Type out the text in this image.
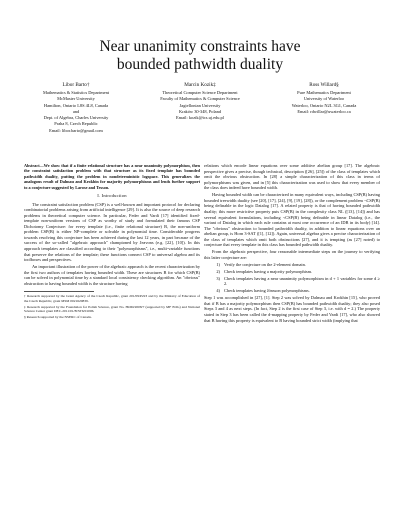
Near unanimity constraints have
bounded pathwidth duality
Libor Barto†
Mathematics & Statistics Department
McMaster University
Hamilton, Ontario L8S 4L8, Canada
and
Dept. of Algebra, Charles University
Praha 8, Czech Republic
Email: libor.barto@gmail.com
Marcin Kozik‡
Theoretical Computer Science Department
Faculty of Mathematics & Computer Science
Jagiellonian University
Kraków 30-348, Poland
Email: kozik@tcs.uj.edu.pl
Ross Willard§
Pure Mathematics Department
University of Waterloo
Waterloo, Ontario N2L 3G1, Canada
Email: rdwillar@uwaterloo.ca
Abstract—We show that if a finite relational structure has a near unanimity polymorphism, then the constraint satisfaction problem with that structure as its fixed template has bounded pathwidth duality, putting the problem in nondeterministic logspace. This generalizes the analogous result of Dalmau and Krokhin for majority polymorphisms and lends further support to a conjecture suggested by Larose and Tesson.
I. Introduction

The constraint satisfaction problem (CSP) is a well-known and important protocol for declaring combinatorial problems arising from artificial intelligence [29]. It is also the source of deep research problems in theoretical computer science. In particular, Feder and Vardi [17] identified fixed-template non-uniform versions of CSP as worthy of study and formulated their famous CSP Dichotomy Conjecture: for every template (i.e., finite relational structure) B, the non-uniform problem CSP(B) is either NP-complete or solvable in polynomial time. Considerable progress towards resolving this conjecture has been achieved during the last 12 years, in part because of the success of the so-called "algebraic approach" championed by Jeavons (e.g. [22], [10]). In this approach templates are classified according to their "polymorphisms", i.e., multi-variable functions that preserve the relations of the template; these functions connect CSP to universal algebra and its toolboxes and perspectives.

An important illustration of the power of the algebraic approach is the recent characterization by the first two authors of templates having bounded width. These are structures B for which CSP(B) can be solved in polynomial time by a standard local consistency checking algorithm. An "obvious" obstruction to having bounded width is the structure having

† Research supported by the Grant Agency of the Czech Republic, grant 201/09/P223 and by the Ministry of Education of the Czech Republic, grant MSM 0021620839.
‡ Research supported by the Foundation for Polish Science, grant No. HOM/2008/7 (supported by MF EOG) and National Science Center grant DEC-2011/01/B/ST6/01006.
§ Research supported by the NSERC of Canada.

relations which encode linear equations over some additive abelian group [17]. The algebraic perspective gives a precise, though technical, description ([26], [25]) of the class of templates which omit the obvious obstruction. In [28] a simple characterization of this class in terms of polymorphisms was given, and in [5] this characterization was used to show that every member of the class does indeed have bounded width.

Having bounded width can be characterized in many equivalent ways, including CSP(B) having bounded treewidth duality (see [20], [17], [24], [9], [19], [28]), or the complement problem ¬CSP(B) being definable in the logic Datalog [17]. A related property is that of having bounded pathwidth duality; this more restrictive property puts CSP(B) in the complexity class NL ([13], [14]) and has several equivalent formulations, including ¬CSP(B) being definable in linear Datalog (i.e., the variant of Datalog in which each rule contains at most one occurrence of an IDB in its body) [14]. The "obvious" obstruction to bounded pathwidth duality, in addition to linear equations over an abelian group, is Horn 3-SAT ([1], [12]). Again, universal algebra gives a precise characterization of the class of templates which omit both obstructions [27], and it is tempting (as [27] noted) to conjecture that every template in this class has bounded pathwidth duality.

From the algebraic perspective, four reasonable intermediate steps on the journey to verifying this latter conjecture are:

1) Verify the conjecture on the 2-element domain.
2) Check templates having a majority polymorphism.
3) Check templates having a near unanimity polymorphism in d + 1 variables for some d ≥ 2.
4) Check templates having Jónsson polymorphisms.

Step 1 was accomplished in [27], [1]. Step 2 was solved by Dalmau and Krokhin [15], who proved that if B has a majority polymorphism then CSP(B) has bounded pathwidth duality; they also posed Steps 3 and 4 as next steps. (In fact, Step 2 is the first case of Step 3, i.e. with d = 2.) The property stated in Step 3 has been called the d-mapping property by Feder and Vardi [17], who also showed that B having this property is equivalent to B having bounded strict width (implying that
